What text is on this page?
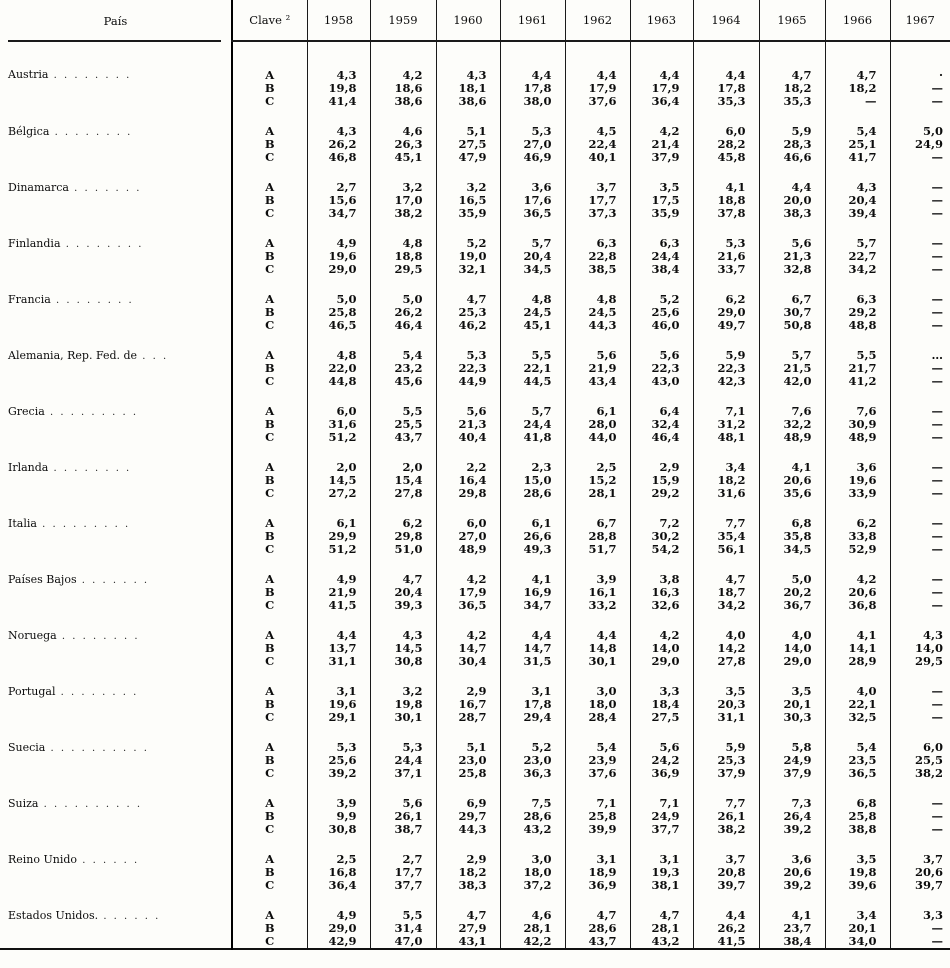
País	Clave ²	1958	1959	1960	1961	1962	1963	1964	1965	1966	1967
Austria . . . . . . . .	A	4,3	4,2	4,3	4,4	4,4	4,4	4,4	4,7	4,7	·
	B	19,8	18,6	18,1	17,8	17,9	17,9	17,8	18,2	18,2	—
	C	41,4	38,6	38,6	38,0	37,6	36,4	35,3	35,3	—	—
Bélgica . . . . . . . .	A	4,3	4,6	5,1	5,3	4,5	4,2	6,0	5,9	5,4	5,0
	B	26,2	26,3	27,5	27,0	22,4	21,4	28,2	28,3	25,1	24,9
	C	46,8	45,1	47,9	46,9	40,1	37,9	45,8	46,6	41,7	—
Dinamarca . . . . . . .	A	2,7	3,2	3,2	3,6	3,7	3,5	4,1	4,4	4,3	—
	B	15,6	17,0	16,5	17,6	17,7	17,5	18,8	20,0	20,4	—
	C	34,7	38,2	35,9	36,5	37,3	35,9	37,8	38,3	39,4	—
Finlandia . . . . . . . .	A	4,9	4,8	5,2	5,7	6,3	6,3	5,3	5,6	5,7	—
	B	19,6	18,8	19,0	20,4	22,8	24,4	21,6	21,3	22,7	—
	C	29,0	29,5	32,1	34,5	38,5	38,4	33,7	32,8	34,2	—
Francia . . . . . . . .	A	5,0	5,0	4,7	4,8	4,8	5,2	6,2	6,7	6,3	—
	B	25,8	26,2	25,3	24,5	24,5	25,6	29,0	30,7	29,2	—
	C	46,5	46,4	46,2	45,1	44,3	46,0	49,7	50,8	48,8	—
Alemania, Rep. Fed. de . . .	A	4,8	5,4	5,3	5,5	5,6	5,6	5,9	5,7	5,5	…
	B	22,0	23,2	22,3	22,1	21,9	22,3	22,3	21,5	21,7	—
	C	44,8	45,6	44,9	44,5	43,4	43,0	42,3	42,0	41,2	—
Grecia . . . . . . . . .	A	6,0	5,5	5,6	5,7	6,1	6,4	7,1	7,6	7,6	—
	B	31,6	25,5	21,3	24,4	28,0	32,4	31,2	32,2	30,9	—
	C	51,2	43,7	40,4	41,8	44,0	46,4	48,1	48,9	48,9	—
Irlanda . . . . . . . .	A	2,0	2,0	2,2	2,3	2,5	2,9	3,4	4,1	3,6	—
	B	14,5	15,4	16,4	15,0	15,2	15,9	18,2	20,6	19,6	—
	C	27,2	27,8	29,8	28,6	28,1	29,2	31,6	35,6	33,9	—
Italia . . . . . . . . .	A	6,1	6,2	6,0	6,1	6,7	7,2	7,7	6,8	6,2	—
	B	29,9	29,8	27,0	26,6	28,8	30,2	35,4	35,8	33,8	—
	C	51,2	51,0	48,9	49,3	51,7	54,2	56,1	34,5	52,9	—
Países Bajos . . . . . . .	A	4,9	4,7	4,2	4,1	3,9	3,8	4,7	5,0	4,2	—
	B	21,9	20,4	17,9	16,9	16,1	16,3	18,7	20,2	20,6	—
	C	41,5	39,3	36,5	34,7	33,2	32,6	34,2	36,7	36,8	—
Noruega . . . . . . . .	A	4,4	4,3	4,2	4,4	4,4	4,2	4,0	4,0	4,1	4,3
	B	13,7	14,5	14,7	14,7	14,8	14,0	14,2	14,0	14,1	14,0
	C	31,1	30,8	30,4	31,5	30,1	29,0	27,8	29,0	28,9	29,5
Portugal . . . . . . . .	A	3,1	3,2	2,9	3,1	3,0	3,3	3,5	3,5	4,0	—
	B	19,6	19,8	16,7	17,8	18,0	18,4	20,3	20,1	22,1	—
	C	29,1	30,1	28,7	29,4	28,4	27,5	31,1	30,3	32,5	—
Suecia . . . . . . . . . .	A	5,3	5,3	5,1	5,2	5,4	5,6	5,9	5,8	5,4	6,0
	B	25,6	24,4	23,0	23,0	23,9	24,2	25,3	24,9	23,5	25,5
	C	39,2	37,1	25,8	36,3	37,6	36,9	37,9	37,9	36,5	38,2
Suiza . . . . . . . . . .	A	3,9	5,6	6,9	7,5	7,1	7,1	7,7	7,3	6,8	—
	B	9,9	26,1	29,7	28,6	25,8	24,9	26,1	26,4	25,8	—
	C	30,8	38,7	44,3	43,2	39,9	37,7	38,2	39,2	38,8	—
Reino Unido . . . . . .	A	2,5	2,7	2,9	3,0	3,1	3,1	3,7	3,6	3,5	3,7
	B	16,8	17,7	18,2	18,0	18,9	19,3	20,8	20,6	19,8	20,6
	C	36,4	37,7	38,3	37,2	36,9	38,1	39,7	39,2	39,6	39,7
Estados Unidos. . . . . . .	A	4,9	5,5	4,7	4,6	4,7	4,7	4,4	4,1	3,4	3,3
	B	29,0	31,4	27,9	28,1	28,6	28,1	26,2	23,7	20,1	—
	C	42,9	47,0	43,1	42,2	43,7	43,2	41,5	38,4	34,0	—
